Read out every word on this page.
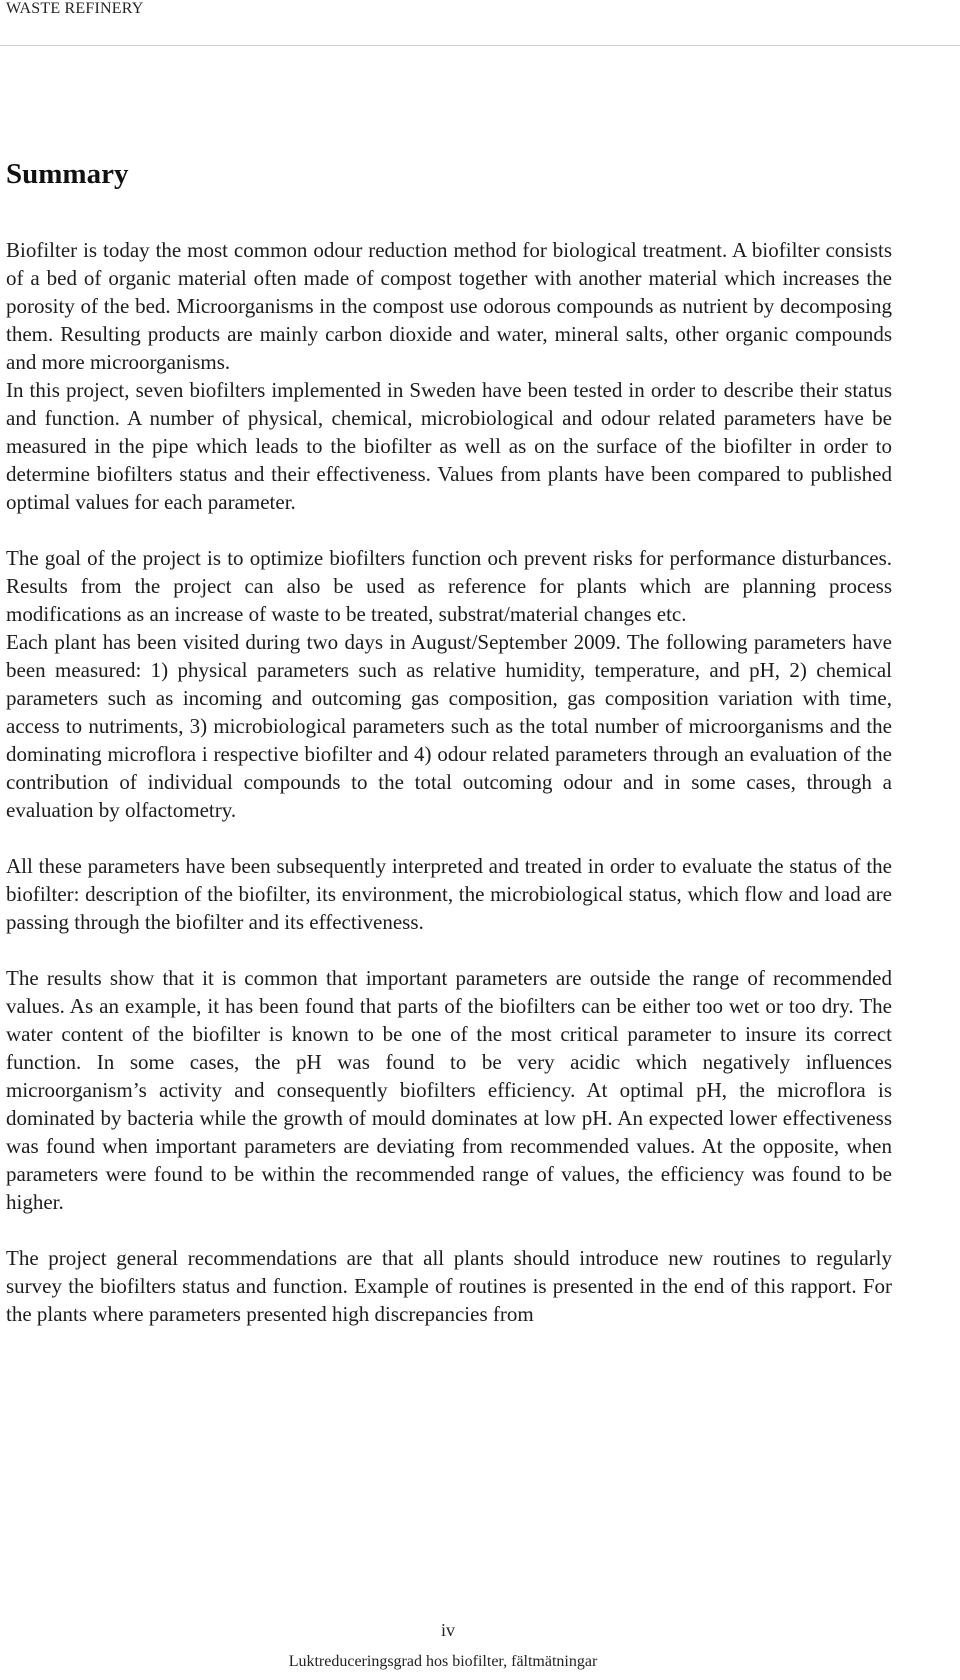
WASTE REFINERY
Summary

Biofilter is today the most common odour reduction method for biological treatment. A biofilter consists of a bed of organic material often made of compost together with another material which increases the porosity of the bed. Microorganisms in the compost use odorous compounds as nutrient by decomposing them. Resulting products are mainly carbon dioxide and water, mineral salts, other organic compounds and more microorganisms.

In this project, seven biofilters implemented in Sweden have been tested in order to describe their status and function. A number of physical, chemical, microbiological and odour related parameters have be measured in the pipe which leads to the biofilter as well as on the surface of the biofilter in order to determine biofilters status and their effectiveness. Values from plants have been compared to published optimal values for each parameter.

The goal of the project is to optimize biofilters function och prevent risks for performance disturbances. Results from the project can also be used as reference for plants which are planning process modifications as an increase of waste to be treated, substrat/material changes etc.

Each plant has been visited during two days in August/September 2009. The following parameters have been measured: 1) physical parameters such as relative humidity, temperature, and pH, 2) chemical parameters such as incoming and outcoming gas composition, gas composition variation with time, access to nutriments, 3) microbiological parameters such as the total number of microorganisms and the dominating microflora i respective biofilter and 4) odour related parameters through an evaluation of the contribution of individual compounds to the total outcoming odour and in some cases, through a evaluation by olfactometry.

All these parameters have been subsequently interpreted and treated in order to evaluate the status of the biofilter: description of the biofilter, its environment, the microbiological status, which flow and load are passing through the biofilter and its effectiveness.

The results show that it is common that important parameters are outside the range of recommended values. As an example, it has been found that parts of the biofilters can be either too wet or too dry. The water content of the biofilter is known to be one of the most critical parameter to insure its correct function. In some cases, the pH was found to be very acidic which negatively influences microorganism’s activity and consequently biofilters efficiency. At optimal pH, the microflora is dominated by bacteria while the growth of mould dominates at low pH. An expected lower effectiveness was found when important parameters are deviating from recommended values. At the opposite, when parameters were found to be within the recommended range of values, the efficiency was found to be higher.

The project general recommendations are that all plants should introduce new routines to regularly survey the biofilters status and function. Example of routines is presented in the end of this rapport. For the plants where parameters presented high discrepancies from

iv
Luktreduceringsgrad hos biofilter, fältmätningar
